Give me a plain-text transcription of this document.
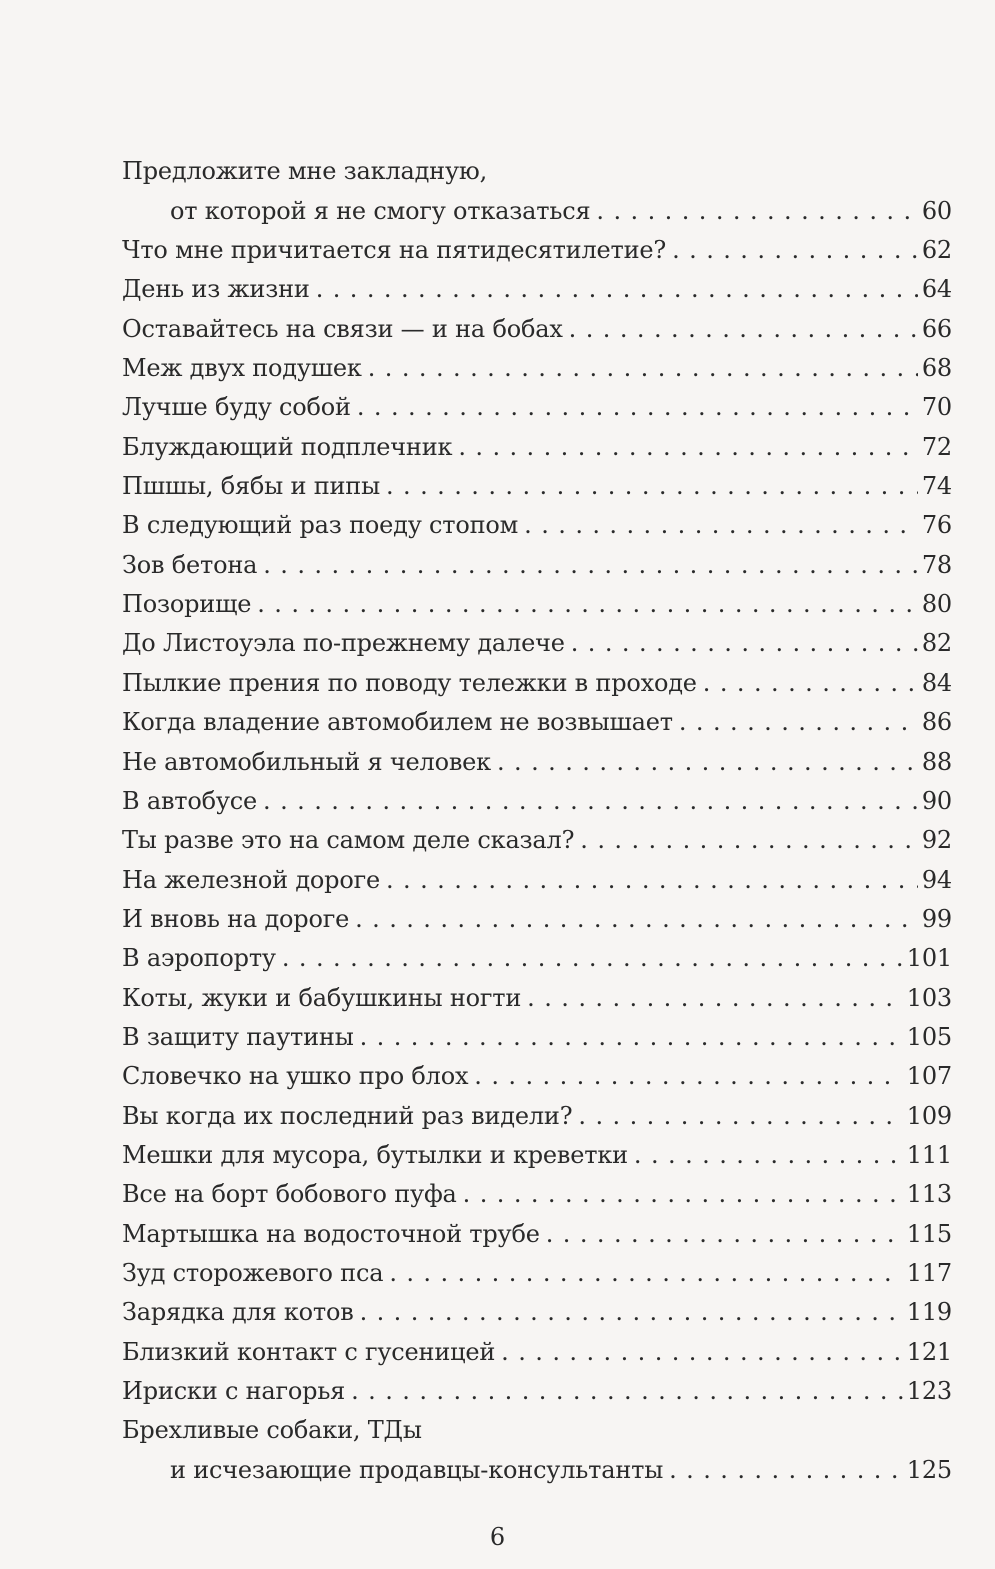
Предложите мне закладную,
от которой я не смогу отказаться . . .	60
Что мне причитается на пятидесятилетие? . . .	62
День из жизни . . .	64
Оставайтесь на связи — и на бобах . . .	66
Меж двух подушек . . .	68
Лучше буду собой . . .	70
Блуждающий подплечник . . .	72
Пшшы, бябы и пипы . . .	74
В следующий раз поеду стопом . . .	76
Зов бетона . . .	78
Позорище . . .	80
До Листоуэла по-прежнему далече . . .	82
Пылкие прения по поводу тележки в проходе . . .	84
Когда владение автомобилем не возвышает . . .	86
Не автомобильный я человек . . .	88
В автобусе . . .	90
Ты разве это на самом деле сказал? . . .	92
На железной дороге . . .	94
И вновь на дороге . . .	99
В аэропорту . . .	101
Коты, жуки и бабушкины ногти . . .	103
В защиту паутины . . .	105
Словечко на ушко про блох . . .	107
Вы когда их последний раз видели? . . .	109
Мешки для мусора, бутылки и креветки . . .	111
Все на борт бобового пуфа . . .	113
Мартышка на водосточной трубе . . .	115
Зуд сторожевого пса . . .	117
Зарядка для котов . . .	119
Близкий контакт с гусеницей . . .	121
Ириски с нагорья . . .	123
Брехливые собаки, ТДы
и исчезающие продавцы-консультанты . . .	125
6
